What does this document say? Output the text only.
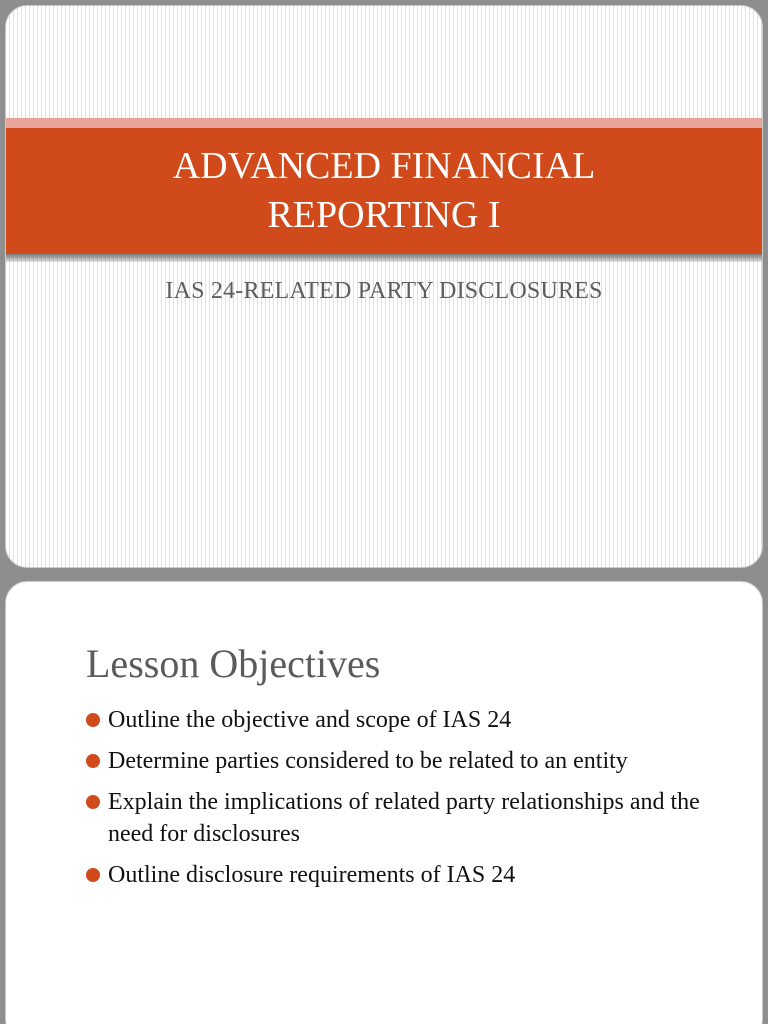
ADVANCED FINANCIAL REPORTING I

IAS 24-RELATED PARTY DISCLOSURES

Lesson Objectives
Outline the objective and scope of IAS 24
Determine parties considered to be related to an entity
Explain the implications of related party relationships and the need for disclosures
Outline disclosure requirements of IAS 24
